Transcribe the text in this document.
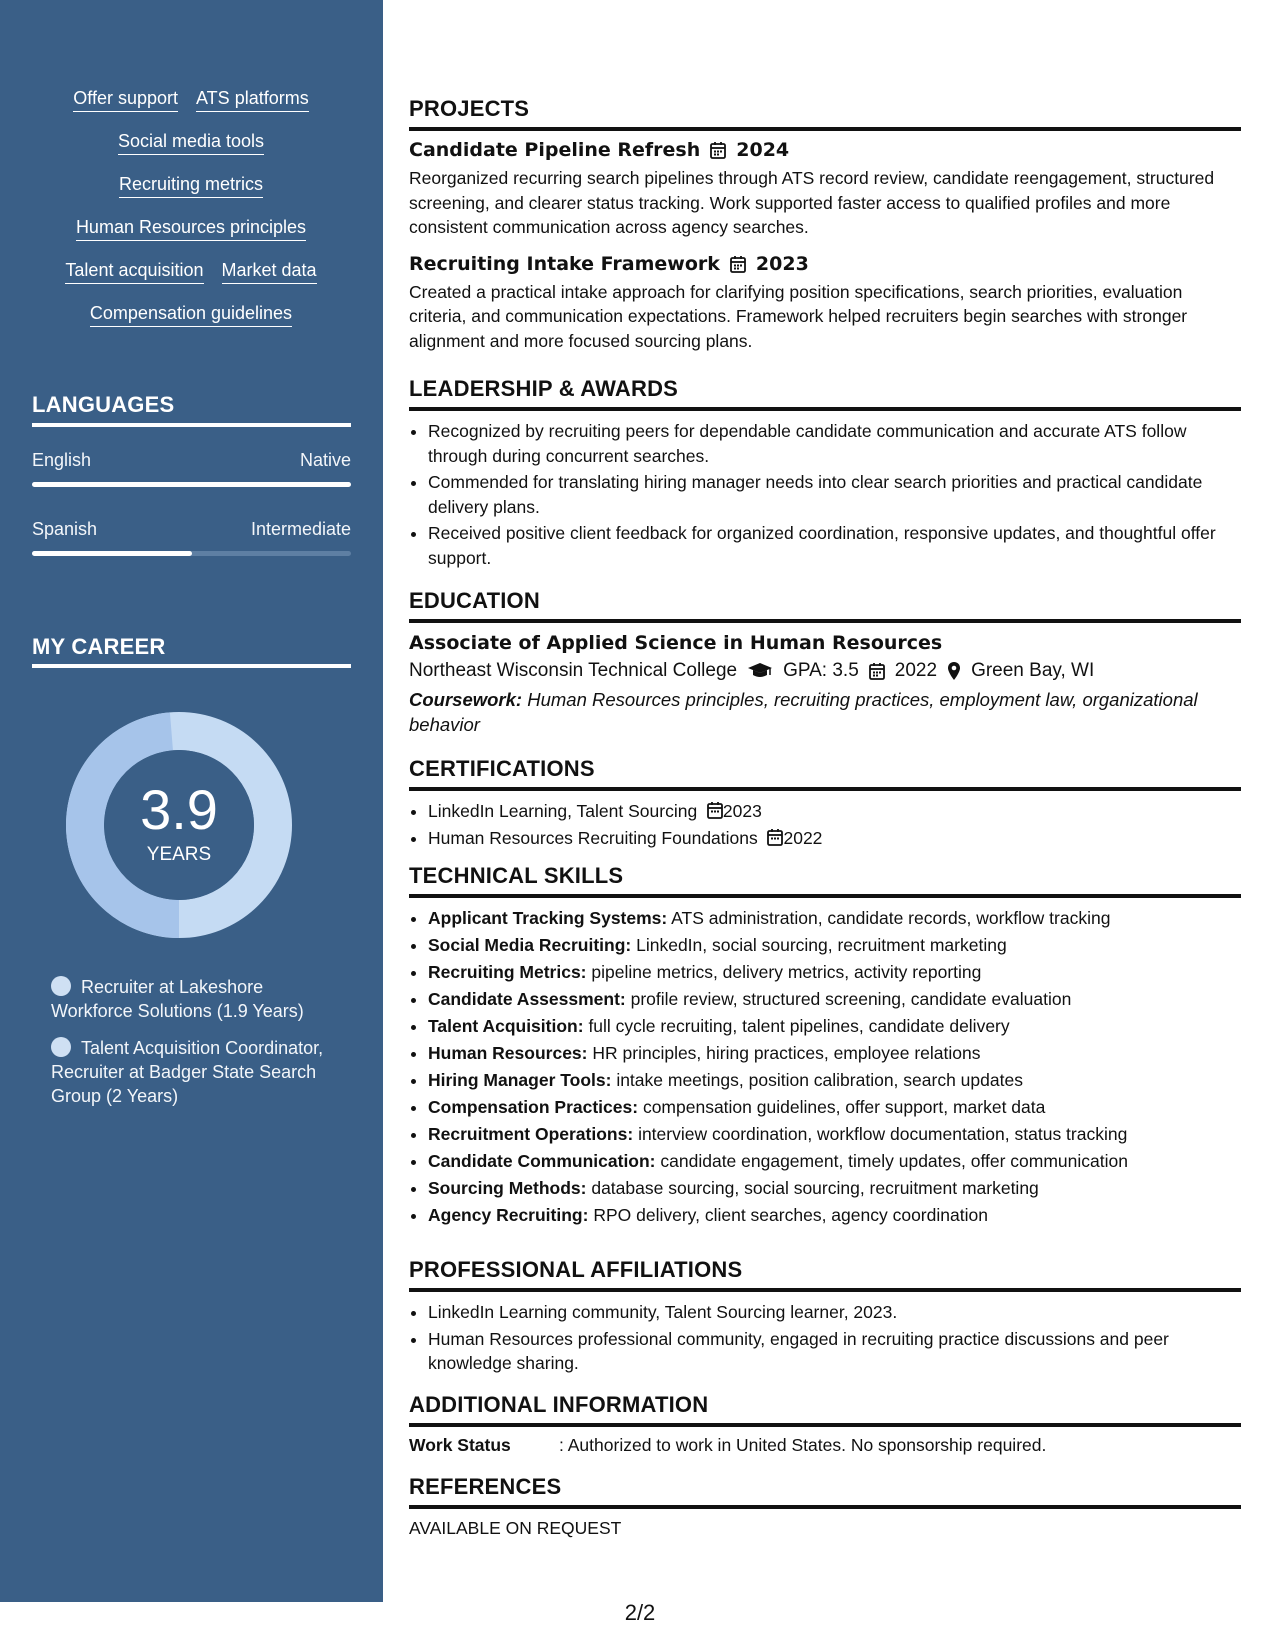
Offer support ATS platforms
Social media tools
Recruiting metrics
Human Resources principles
Talent acquisition Market data
Compensation guidelines
LANGUAGES
English	Native
Spanish	Intermediate
MY CAREER
3.9
YEARS
Recruiter at Lakeshore Workforce Solutions (1.9 Years)
Talent Acquisition Coordinator, Recruiter at Badger State Search Group (2 Years)
PROJECTS
Candidate Pipeline Refresh 2024
Reorganized recurring search pipelines through ATS record review, candidate reengagement, structured screening, and clearer status tracking. Work supported faster access to qualified profiles and more consistent communication across agency searches.
Recruiting Intake Framework 2023
Created a practical intake approach for clarifying position specifications, search priorities, evaluation criteria, and communication expectations. Framework helped recruiters begin searches with stronger alignment and more focused sourcing plans.
LEADERSHIP & AWARDS
• Recognized by recruiting peers for dependable candidate communication and accurate ATS follow through during concurrent searches.
• Commended for translating hiring manager needs into clear search priorities and practical candidate delivery plans.
• Received positive client feedback for organized coordination, responsive updates, and thoughtful offer support.
EDUCATION
Associate of Applied Science in Human Resources
Northeast Wisconsin Technical College GPA: 3.5 2022 Green Bay, WI
Coursework: Human Resources principles, recruiting practices, employment law, organizational behavior
CERTIFICATIONS
• LinkedIn Learning, Talent Sourcing 2023
• Human Resources Recruiting Foundations 2022
TECHNICAL SKILLS
• Applicant Tracking Systems: ATS administration, candidate records, workflow tracking
• Social Media Recruiting: LinkedIn, social sourcing, recruitment marketing
• Recruiting Metrics: pipeline metrics, delivery metrics, activity reporting
• Candidate Assessment: profile review, structured screening, candidate evaluation
• Talent Acquisition: full cycle recruiting, talent pipelines, candidate delivery
• Human Resources: HR principles, hiring practices, employee relations
• Hiring Manager Tools: intake meetings, position calibration, search updates
• Compensation Practices: compensation guidelines, offer support, market data
• Recruitment Operations: interview coordination, workflow documentation, status tracking
• Candidate Communication: candidate engagement, timely updates, offer communication
• Sourcing Methods: database sourcing, social sourcing, recruitment marketing
• Agency Recruiting: RPO delivery, client searches, agency coordination
PROFESSIONAL AFFILIATIONS
• LinkedIn Learning community, Talent Sourcing learner, 2023.
• Human Resources professional community, engaged in recruiting practice discussions and peer knowledge sharing.
ADDITIONAL INFORMATION
Work Status	: Authorized to work in United States. No sponsorship required.
REFERENCES
AVAILABLE ON REQUEST
2/2
